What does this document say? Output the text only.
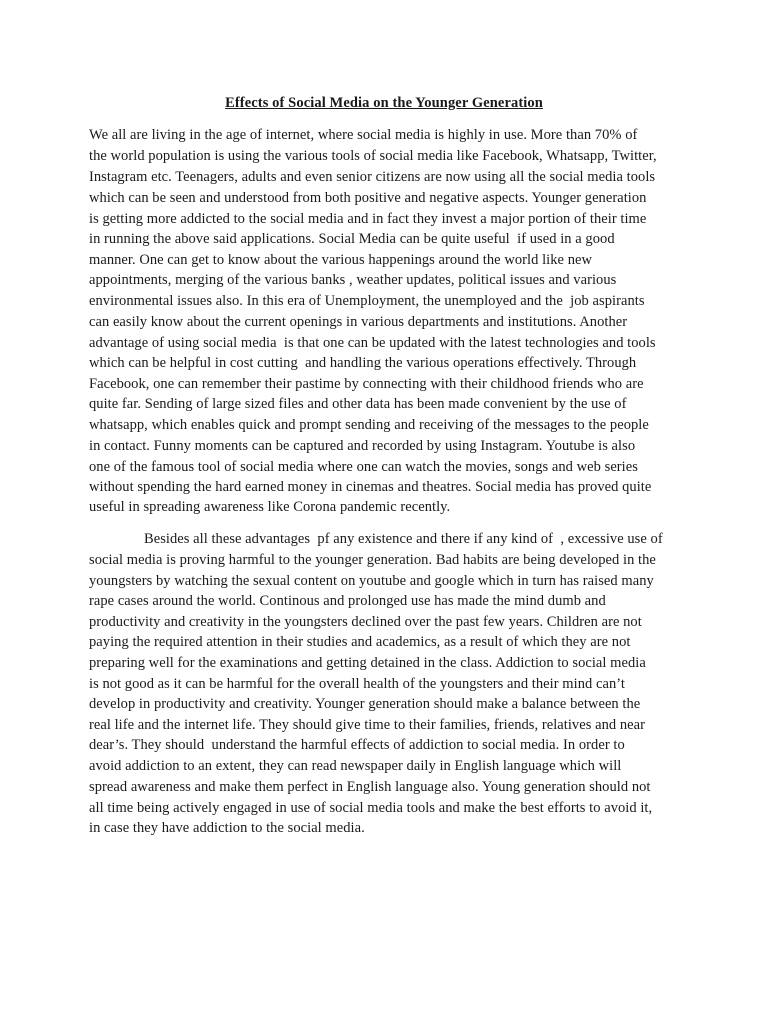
Effects of Social Media on the Younger Generation
We all are living in the age of internet, where social media is highly in use. More than 70% of
the world population is using the various tools of social media like Facebook, Whatsapp, Twitter,
Instagram etc. Teenagers, adults and even senior citizens are now using all the social media tools
which can be seen and understood from both positive and negative aspects. Younger generation
is getting more addicted to the social media and in fact they invest a major portion of their time
in running the above said applications. Social Media can be quite useful  if used in a good
manner. One can get to know about the various happenings around the world like new
appointments, merging of the various banks , weather updates, political issues and various
environmental issues also. In this era of Unemployment, the unemployed and the  job aspirants
can easily know about the current openings in various departments and institutions. Another
advantage of using social media  is that one can be updated with the latest technologies and tools
which can be helpful in cost cutting  and handling the various operations effectively. Through
Facebook, one can remember their pastime by connecting with their childhood friends who are
quite far. Sending of large sized files and other data has been made convenient by the use of
whatsapp, which enables quick and prompt sending and receiving of the messages to the people
in contact. Funny moments can be captured and recorded by using Instagram. Youtube is also
one of the famous tool of social media where one can watch the movies, songs and web series
without spending the hard earned money in cinemas and theatres. Social media has proved quite
useful in spreading awareness like Corona pandemic recently.
Besides all these advantages  pf any existence and there if any kind of  , excessive use of
social media is proving harmful to the younger generation. Bad habits are being developed in the
youngsters by watching the sexual content on youtube and google which in turn has raised many
rape cases around the world. Continous and prolonged use has made the mind dumb and
productivity and creativity in the youngsters declined over the past few years. Children are not
paying the required attention in their studies and academics, as a result of which they are not
preparing well for the examinations and getting detained in the class. Addiction to social media
is not good as it can be harmful for the overall health of the youngsters and their mind can’t
develop in productivity and creativity. Younger generation should make a balance between the
real life and the internet life. They should give time to their families, friends, relatives and near
dear’s. They should  understand the harmful effects of addiction to social media. In order to
avoid addiction to an extent, they can read newspaper daily in English language which will
spread awareness and make them perfect in English language also. Young generation should not
all time being actively engaged in use of social media tools and make the best efforts to avoid it,
in case they have addiction to the social media.
